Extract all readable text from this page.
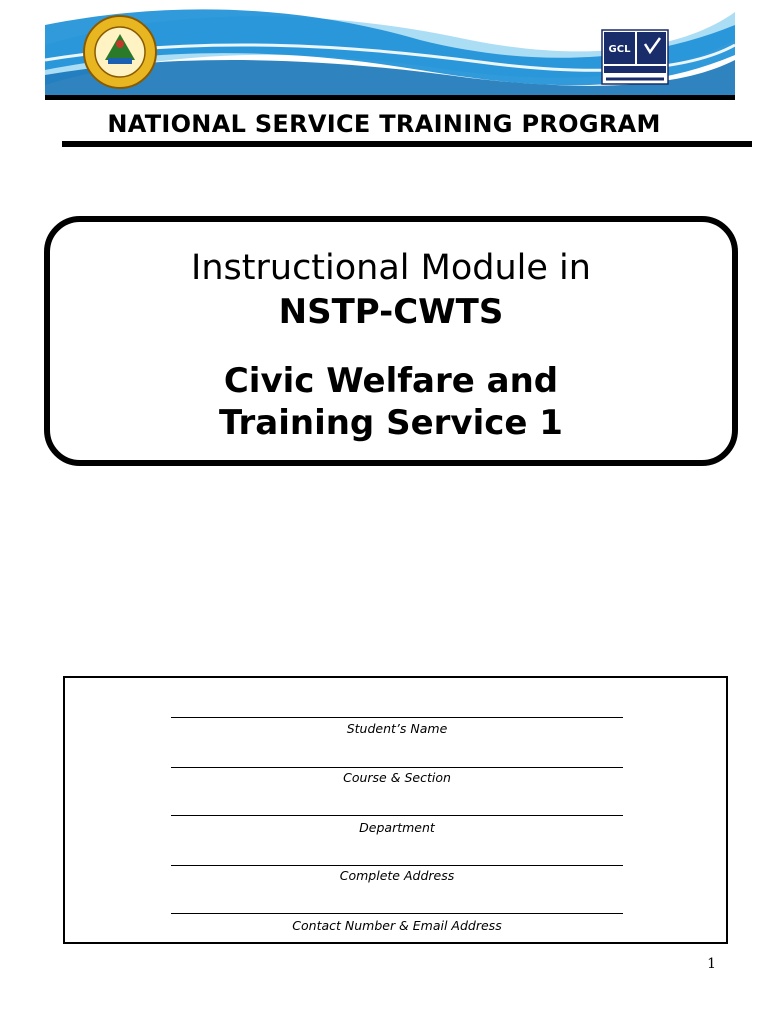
GCL
NATIONAL SERVICE TRAINING PROGRAM
Instructional Module in
NSTP-CWTS
Civic Welfare and
Training Service 1
Student’s Name
Course & Section
Department
Complete Address
Contact Number & Email Address
1
